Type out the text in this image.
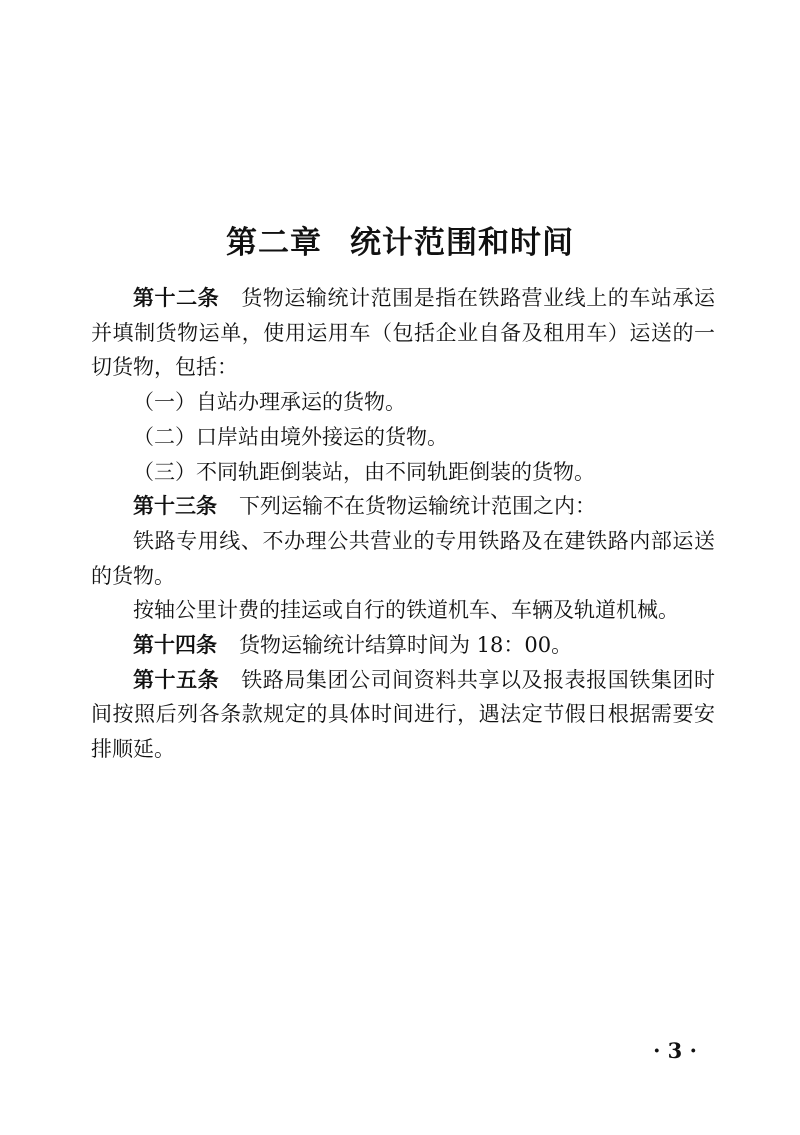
第二章 统计范围和时间

第十二条 货物运输统计范围是指在铁路营业线上的车站承运并填制货物运单，使用运用车（包括企业自备及租用车）运送的一切货物，包括：

（一）自站办理承运的货物。

（二）口岸站由境外接运的货物。

（三）不同轨距倒装站，由不同轨距倒装的货物。

第十三条 下列运输不在货物运输统计范围之内：

铁路专用线、不办理公共营业的专用铁路及在建铁路内部运送的货物。

按轴公里计费的挂运或自行的铁道机车、车辆及轨道机械。

第十四条 货物运输统计结算时间为 18：00。

第十五条 铁路局集团公司间资料共享以及报表报国铁集团时间按照后列各条款规定的具体时间进行，遇法定节假日根据需要安排顺延。

· 3 ·
